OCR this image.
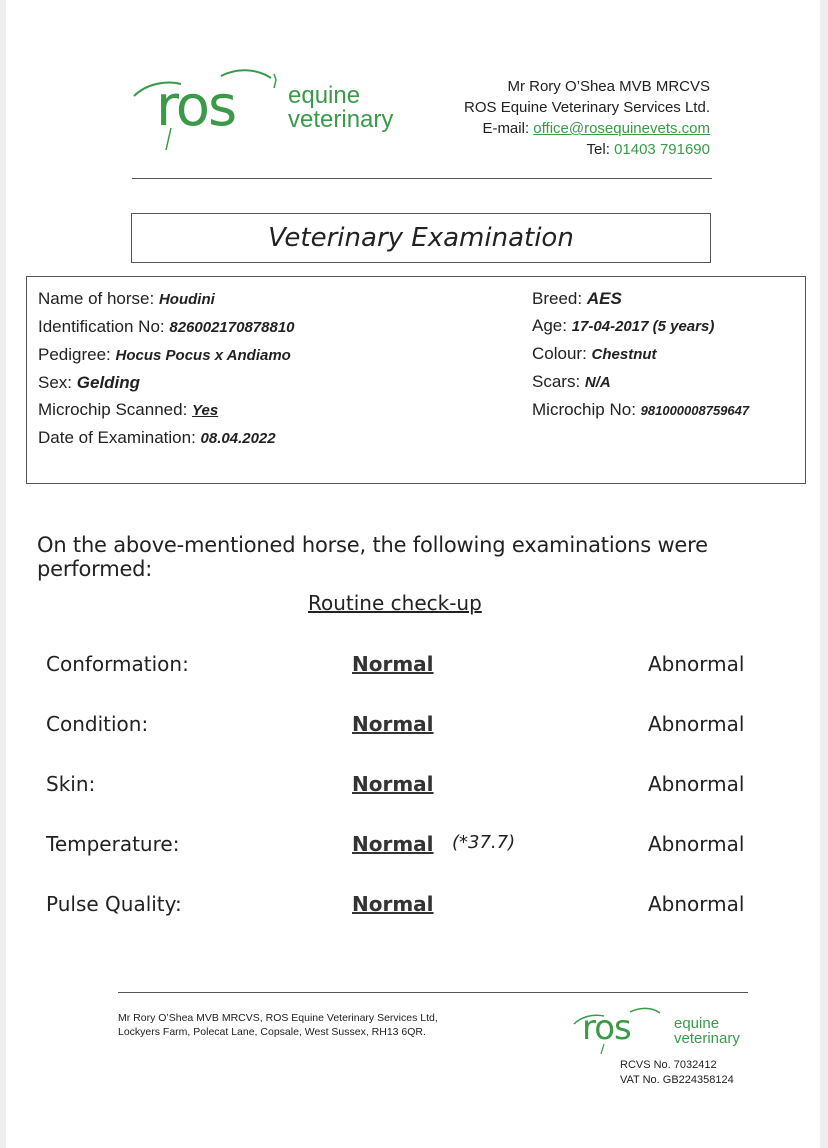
ros equine
veterinary
Mr Rory O’Shea MVB MRCVS
ROS Equine Veterinary Services Ltd.
E-mail: office@rosequinevets.com
Tel: 01403 791690
Veterinary Examination
Name of horse: Houdini
Identification No: 826002170878810
Pedigree: Hocus Pocus x Andiamo
Sex: Gelding
Microchip Scanned: Yes
Date of Examination: 08.04.2022
Breed: AES
Age: 17-04-2017 (5 years)
Colour: Chestnut
Scars: N/A
Microchip No: 981000008759647
On the above-mentioned horse, the following examinations were performed:
Routine check-up
Conformation:	Normal	Abnormal
Condition:	Normal	Abnormal
Skin:	Normal	Abnormal
Temperature:	Normal (*37.7)	Abnormal
Pulse Quality:	Normal	Abnormal
Mr Rory O’Shea MVB MRCVS, ROS Equine Veterinary Services Ltd,
Lockyers Farm, Polecat Lane, Copsale, West Sussex, RH13 6QR.	ros	equine
veterinary
RCVS No. 7032412
VAT No. GB224358124
